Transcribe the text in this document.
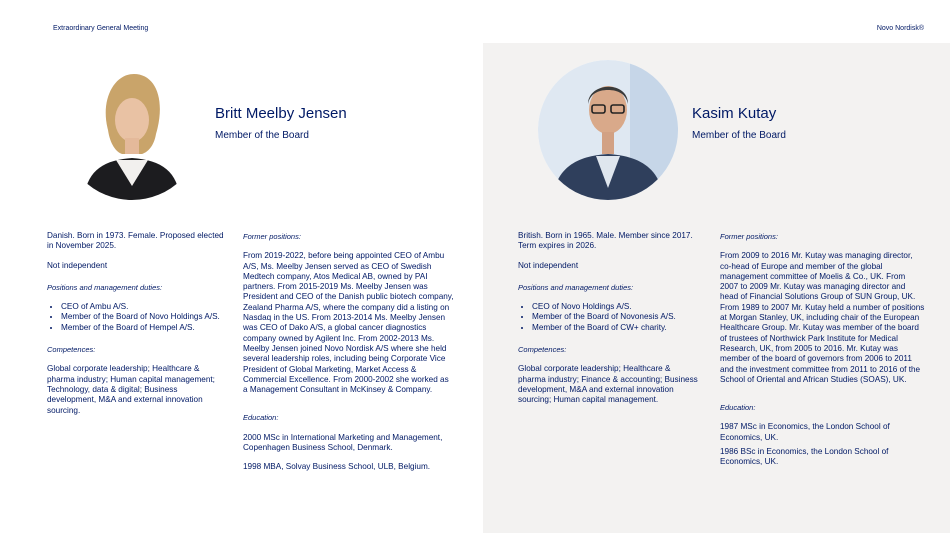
Extraordinary General Meeting	Novo Nordisk®
Britt Meelby Jensen
Member of the Board

Danish. Born in 1973. Female. Proposed elected in November 2025.

Not independent

Positions and management duties:

• CEO of Ambu A/S.
• Member of the Board of Novo Holdings A/S.
• Member of the Board of Hempel A/S.

Competences:

Global corporate leadership; Healthcare & pharma industry; Human capital management; Technology, data & digital; Business development, M&A and external innovation sourcing.

Former positions:

From 2019-2022, before being appointed CEO of Ambu A/S, Ms. Meelby Jensen served as CEO of Swedish Medtech company, Atos Medical AB, owned by PAI partners. From 2015-2019 Ms. Meelby Jensen was President and CEO of the Danish public biotech company, Zealand Pharma A/S, where the company did a listing on Nasdaq in the US. From 2013-2014 Ms. Meelby Jensen was CEO of Dako A/S, a global cancer diagnostics company owned by Agilent Inc. From 2002-2013 Ms. Meelby Jensen joined Novo Nordisk A/S where she held several leadership roles, including being Corporate Vice President of Global Marketing, Market Access & Commercial Excellence. From 2000-2002 she worked as a Management Consultant in McKinsey & Company.

Education:

2000 MSc in International Marketing and Management, Copenhagen Business School, Denmark.

1998 MBA, Solvay Business School, ULB, Belgium.

Kasim Kutay
Member of the Board

British. Born in 1965. Male. Member since 2017. Term expires in 2026.

Not independent

Positions and management duties:

• CEO of Novo Holdings A/S.
• Member of the Board of Novonesis A/S.
• Member of the Board of CW+ charity.

Competences:

Global corporate leadership; Healthcare & pharma industry; Finance & accounting; Business development, M&A and external innovation sourcing; Human capital management.

Former positions:

From 2009 to 2016 Mr. Kutay was managing director, co-head of Europe and member of the global management committee of Moelis & Co., UK. From 2007 to 2009 Mr. Kutay was managing director and head of Financial Solutions Group of SUN Group, UK. From 1989 to 2007 Mr. Kutay held a number of positions at Morgan Stanley, UK, including chair of the European Healthcare Group. Mr. Kutay was member of the board of trustees of Northwick Park Institute for Medical Research, UK, from 2005 to 2016. Mr. Kutay was member of the board of governors from 2006 to 2011 and the investment committee from 2011 to 2016 of the School of Oriental and African Studies (SOAS), UK.

Education:

1987 MSc in Economics, the London School of Economics, UK.

1986 BSc in Economics, the London School of Economics, UK.
